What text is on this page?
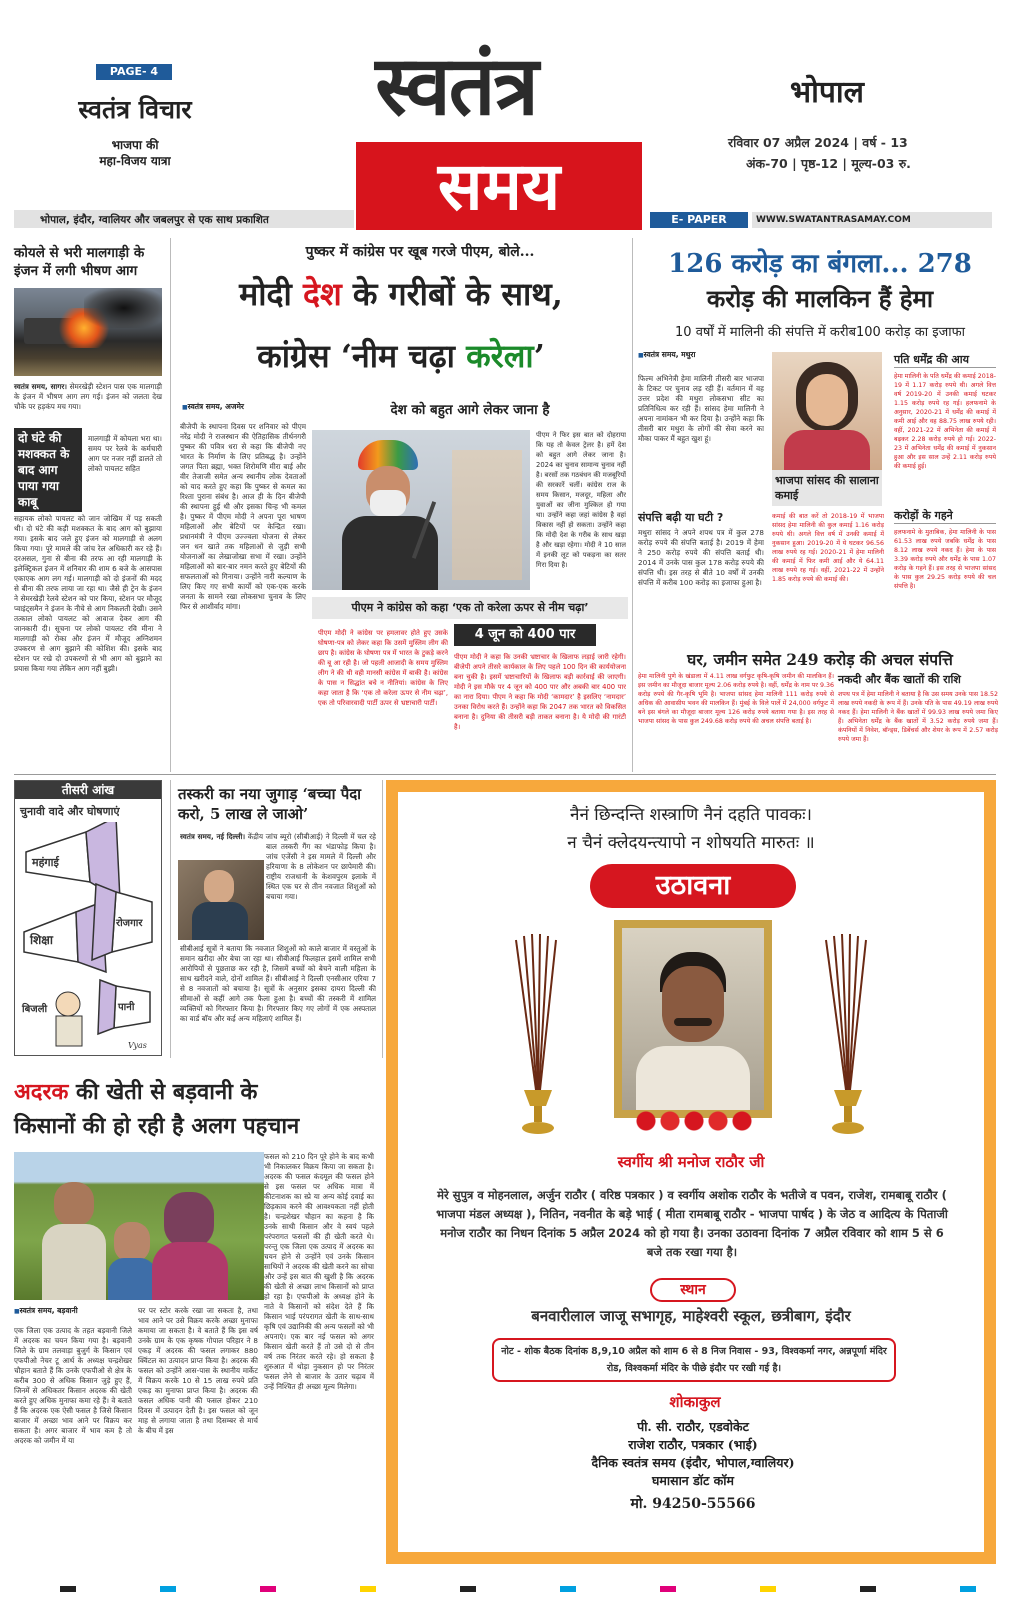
PAGE- 4
स्वतंत्र विचार
भाजपा की
महा-विजय यात्रा
स्वतंत्र
समय
भोपाल
रविवार 07 अप्रैल 2024 | वर्ष - 13
अंक-70 | पृष्ठ-12 | मूल्य-03 रु.
भोपाल, इंदौर, ग्वालियर और जबलपुर से एक साथ प्रकाशित	E- PAPER	WWW.SWATANTRASAMAY.COM
कोयले से भरी मालगाड़ी के इंजन में लगी भीषण आग
स्वतंत्र समय, सागर। सेमरखेड़ी स्टेशन पास एक मालगाड़ी के इंजन में भीषण आग लग गई। इंजन को जलता देख चौके पर हड़कंप मच गया।
दो घंटे की मशक्कत के बाद आग पाया गया काबू
मालगाड़ी में कोयला भरा था। समय पर रेलवे के कर्मचारी आग पर नजर नहीं डालते तो लोको पायलट सहित
सहायक लोको पायलट को जान जोखिम में पड़ सकती थी। दो घंटे की कड़ी मशक्कत के बाद आग को बुझाया गया। इसके बाद जले हुए इंजन को मालगाड़ी से अलग किया गया। पूरे मामले की जांच रेल अधिकारी कर रहे हैं। दरअसल, गुना से बीना की तरफ आ रही मालगाड़ी के इलेक्ट्रिकल इंजन में शनिवार की शाम 6 बजे के आसपास एकाएक आग लग गई। मालगाड़ी को दो इंजनों की मदद से बीना की तरफ लाया जा रहा था। जैसे ही ट्रेन के इंजन ने सेमरखेड़ी रेलवे स्टेशन को पार किया, स्टेशन पर मौजूद प्वाइंट्समैन ने इंजन के नीचे से आग निकलती देखी। उसने तत्काल लोको पायलट को आवाज देकर आग की जानकारी दी। सूचना पर लोको पायलट रवि मीना ने मालगाड़ी को रोका और इंजन में मौजूद अग्निशमन उपकरण से आग बुझाने की कोशिश की। इसके बाद स्टेशन पर रखे दो उपकरणों से भी आग को बुझाने का प्रयास किया गया लेकिन आग नहीं बुझी।
पुष्कर में कांग्रेस पर खूब गरजे पीएम, बोले...
मोदी देश के गरीबों के साथ,
कांग्रेस ‘नीम चढ़ा करेला’
■ स्वतंत्र समय, अजमेर	देश को बहुत आगे लेकर जाना है
बीजेपी के स्थापना दिवस पर शनिवार को पीएम नरेंद्र मोदी ने राजस्थान की ऐतिहासिक तीर्थनगरी पुष्कर की पवित्र धरा से कहा कि बीजेपी नए भारत के निर्माण के लिए प्रतिबद्ध है। उन्होंने जगत पिता ब्रह्मा, भक्त शिरोमणि मीरा बाई और वीर तेजाजी समेत अन्य स्थानीय लोक देवताओं को याद करते हुए कहा कि पुष्कर से कमल का रिश्ता पुराना संबंध है। आज ही के दिन बीजेपी की स्थापना हुई थी और इसका चिन्ह भी कमल है। पुष्कर में पीएम मोदी ने अपना पूरा भाषण महिलाओं और बेटियों पर केन्द्रित रखा। प्रधानमंत्री ने पीएम उज्ज्वला योजना से लेकर जन धन खाते तक महिलाओं से जुड़ी सभी योजनाओं का लेखाजोखा सभा में रखा। उन्होंने महिलाओं को बार-बार नमन करते हुए बेटियों की सफलताओं को गिनाया। उन्होंने नारी कल्याण के लिए किए गए सभी कार्यों को एक-एक करके जनता के सामने रखा लोकसभा चुनाव के लिए फिर से आशीर्वाद मांगा।
पीएम ने फिर इस बात को दोहराया कि यह तो केवल ट्रेलर है। हमें देश को बहुत आगे लेकर जाना है। 2024 का चुनाव सामान्य चुनाव नहीं है। बरसों तक गठबंधन की मजबूरियों की सरकारें चलीं। कांग्रेस राज के समय किसान, मजदूर, महिला और युवाओं का जीना मुश्किल हो गया था। उन्होंने कहा जहां कांग्रेस है वहां विकास नहीं हो सकता। उन्होंने कहा कि मोदी देश के गरीब के साथ खड़ा है और खड़ा रहेगा। मोदी ने 10 साल में इनकी लूट को पकड़ना का सतर गिरा दिया है।
पीएम ने कांग्रेस को कहा ‘एक तो करेला ऊपर से नीम चढ़ा’
पीएम मोदी ने कांग्रेस पर हमलावर होते हुए उसके घोषणा-पत्र को लेकर कहा कि उसमें मुस्लिम लीग की छाप है। कांग्रेस के घोषणा पत्र में भारत के टुकड़े करने की बू आ रही है। जो पहली आजादी के समय मुस्लिम लीग ने की थी वही मानसी कांग्रेस में बाकी है। कांग्रेस के पास न सिद्धांत बचे न नीतियां। कांग्रेस के लिए कहा जाता है कि ‘एक तो करेला ऊपर से नीम चढ़ा’, एक तो परिवारवादी पार्टी ऊपर से भ्रष्टाचारी पार्टी।
4 जून को 400 पार
पीएम मोदी ने कहा कि उनकी भ्रष्टाचार के खिलाफ लड़ाई जारी रहेगी। बीजेपी अपने तीसरे कार्यकाल के लिए पहले 100 दिन की कार्ययोजना बना चुकी है। इसमें भ्रष्टाचारियों के खिलाफ बड़ी कार्रवाई की जाएगी। मोदी ने इस मौके पर 4 जून को 400 पार और अबकी बार 400 पार का नारा दिया। पीएम ने कहा कि मोदी ‘कामदार’ है इसलिए ‘नामदार’ उनका विरोध करते हैं। उन्होंने कहा कि 2047 तक भारत को विकसित बनाना है। दुनिया की तीसरी बड़ी ताकत बनाना है। ये मोदी की गारंटी है।
126 करोड़ का बंगला... 278
करोड़ की मालकिन हैं हेमा
10 वर्षों में मालिनी की संपत्ति में करीब100 करोड़ का इजाफा
■ स्वतंत्र समय, मथुरा
फिल्म अभिनेत्री हेमा मालिनी तीसरी बार भाजपा के टिकट पर चुनाव लड़ रही हैं। वर्तमान में वह उत्तर प्रदेश की मथुरा लोकसभा सीट का प्रतिनिधित्व कर रही हैं। सांसद हेमा मालिनी ने अपना नामांकन भी कर दिया है। उन्होंने कहा कि तीसरी बार मथुरा के लोगों की सेवा करने का मौका पाकर मैं बहुत खुश हूं।
संपत्ति बढ़ी या घटी ?
मथुरा सांसद ने अपने शपथ पत्र में कुल 278 करोड़ रुपये की संपत्ति बताई है। 2019 में हेमा ने 250 करोड़ रुपये की संपत्ति बताई थी। 2014 में उनके पास कुल 178 करोड़ रुपये की संपत्ति थी। इस तरह से बीते 10 वर्षों में उनकी संपत्ति में करीब 100 करोड़ का इजाफा हुआ है।
भाजपा सांसद की सालाना कमाई
कमाई की बात करें तो 2018-19 में भाजपा सांसद हेमा मालिनी की कुल कमाई 1.16 करोड़ रुपये थी। अगले वित्त वर्ष में उनकी कमाई में नुकसान हुआ। 2019-20 में ये घटकर 96.56 लाख रुपये रह गई। 2020-21 में हेमा मालिनी की कमाई में फिर कमी आई और ये 64.11 लाख रुपये रह गई। वहीं, 2021-22 में उन्होंने 1.85 करोड़ रुपये की कमाई की।
पति धर्मेंद्र की आय
हेमा मालिनी के पति धर्मेंद्र की कमाई 2018-19 में 1.17 करोड़ रुपये थी। अगले वित्त वर्ष 2019-20 में उनकी कमाई घटकर 1.15 करोड़ रुपये रह गई। हलफनामे के अनुसार, 2020-21 में धर्मेंद्र की कमाई में कमी आई और वह 88.75 लाख रुपये रही। वहीं, 2021-22 में अभिनेता की कमाई में बढ़कर 2.28 करोड़ रुपये हो गई। 2022-23 में अभिनेता धर्मेंद्र की कमाई में नुकसान हुआ और इस साल उन्हें 2.11 करोड़ रुपये की कमाई हुई।
करोड़ों के गहने
हलफनामे के मुताबिक, हेमा मालिनी के पास 61.53 लाख रुपये जबकि धर्मेंद्र के पास 8.12 लाख रुपये नकद हैं। हेमा के पास 3.39 करोड़ रुपये और धर्मेंद्र के पास 1.07 करोड़ के गहने हैं। इस तरह से भाजपा सांसद के पास कुल 29.25 करोड़ रुपये की चल संपत्ति है।
घर, जमीन समेत 249 करोड़ की अचल संपत्ति
हेमा मालिनी पुणे के खंडाला में 4.11 लाख वर्गफुट कृषि-कृषि जमीन की मालकिन हैं। इस जमीन का मौजूदा बाजार मूल्य 2.06 करोड़ रुपये है। वहीं, धर्मेंद्र के नाम पर 9.36 करोड़ रुपये की गैर-कृषि भूमि है। भाजपा सांसद हेमा मालिनी 111 करोड़ रुपये से अधिक की आवासीय भवन की मालकिन हैं। मुंबई के विले पार्ले में 24,000 वर्गफुट में बने इस बंगले का मौजूदा बाजार मूल्य 126 करोड़ रुपये बताया गया है। इस तरह से भाजपा सांसद के पास कुल 249.68 करोड़ रुपये की अचल संपत्ति बताई है।
नकदी और बैंक खातों की राशि
शपथ पत्र में हेमा मालिनी ने बताया है कि उस समय उनके पास 18.52 लाख रुपये नकदी के रूप में हैं। उनके पति के पास 49.19 लाख रुपये नकद हैं। हेमा मालिनी ने बैंक खातों में 99.93 लाख रुपये जमा किए हैं। अभिनेता धर्मेंद्र के बैंक खातों में 3.52 करोड़ रुपये जमा हैं। कंपनियों में निवेश, बॉन्ड्स, डिबेंचर्स और शेयर के रूप में 2.57 करोड़ रुपये जमा हैं।
तीसरी आंख
चुनावी वादे और घोषणाएं
महंगाई
शिक्षा
रोजगार
बिजली	पानी
Vyas
तस्करी का नया जुगाड़ ‘बच्चा पैदा करो, 5 लाख ले जाओ’
स्वतंत्र समय, नई दिल्ली। केंद्रीय जांच ब्यूरो (सीबीआई) ने दिल्ली में चल रहे बाल तस्करी गैंग का भंडाफोड़ किया है। जांच एजेंसी ने इस मामले में दिल्ली और हरियाणा के 8 लोकेशन पर छापेमारी की। राष्ट्रीय राजधानी के केशवपुरम इलाके में स्थित एक घर से तीन नवजात शिशुओं को बचाया गया।
सीबीआई सूत्रों ने बताया कि नवजात शिशुओं को काले बाजार में वस्तुओं के समान खरीदा और बेचा जा रहा था। सीबीआई फिलहाल इसमें शामिल सभी आरोपियों से पूछताछ कर रही है, जिसमें बच्चों को बेचने वाली महिला के साथ खरीदने वाले, दोनों शामिल हैं। सीबीआई ने दिल्ली एनसीआर एरिया 7 से 8 नवजातों को बचाया है। सूत्रों के अनुसार इसका दायरा दिल्ली की सीमाओं से कहीं आगे तक फैला हुआ है। बच्चों की तस्करी में शामिल व्यक्तियों को गिरफ्तार किया है। गिरफ्तार किए गए लोगों में एक अस्पताल का वार्ड बॉय और कई अन्य महिलाएं शामिल हैं।
अदरक की खेती से बड़वानी के
किसानों की हो रही है अलग पहचान
■ स्वतंत्र समय, बड़वानी
एक जिला एक उत्पाद के तहत बड़वानी जिले में अदरक का चयन किया गया है। बड़वानी जिले के ग्राम तलवाड़ा बुजुर्ग के किसान एवं एफपीओ नेचर टू आर्थ के अध्यक्ष चन्द्रशेखर चौहान बताते हैं कि उनके एफपीओ से क्षेत्र के करीब 300 से अधिक किसान जुड़े हुए हैं, जिनमें से अधिकतर किसान अदरक की खेती करते हुए अधिक मुनाफा कमा रहे हैं। वे बताते हैं कि अदरक एक ऐसी फसल है जिसे किसान बाजार में अच्छा भाव आने पर विक्रय कर सकता है। अगर बाजार में भाव कम है तो अदरक को जमीन में या
घर पर स्टोर करके रखा जा सकता है, तथा भाव आने पर उसे विक्रय करके अच्छा मुनाफा कमाया जा सकता है। वे बताते हैं कि इस वर्ष उनके ग्राम के एक कृषक गोपाल परिहार ने 8 एकड़ में अदरक की फसल लगाकर 880 क्विंटल का उत्पादन प्राप्त किया है। अदरक की फसल को उन्होंने आस-पास के स्थानीय मार्केट में विक्रय करके 10 से 15 लाख रुपये प्रति एकड़ का मुनाफा प्राप्त किया है। अदरक की फसल अधिक पानी की फसल होकर 210 दिवस में उत्पादन देती है। इस फसल को जून माह से लगाया जाता है तथा दिसम्बर से मार्च के बीच में इस
फसल को 210 दिन पूरे होने के बाद कभी भी निकालकर विक्रय किया जा सकता है। अदरक की फसल कंदमूल की फसल होने से इस फसल पर अधिक मात्रा में कीटनाशक का स्प्रे या अन्य कोई दवाई का छिड़काव करने की आवश्यकता नहीं होती है। चन्द्रशेखर चौहान का कहना है कि उनके साथी किसान और वे स्वयं पहले परंपरागत फसलों की ही खेती करते थे। परन्तु एक जिला एक उत्पाद में अदरक का चयन होने से उन्होंने एवं उनके किसान साथियों ने अदरक की खेती करने का सोचा और उन्हें इस बात की खुशी है कि अदरक की खेती से अच्छा लाभ किसानों को प्राप्त हो रहा है। एफपीओ के अध्यक्ष होने के नाते वे किसानों को संदेश देते हैं कि किसान भाई परंपरागत खेती के साथ-साथ कृषि एवं उद्यानिकी की अन्य फसलों को भी अपनाएं। एक बार नई फसल को अगर किसान खेती करते हैं तो उसे दो से तीन वर्ष तक निरंतर करते रहे। हो सकता है शुरुआत में थोड़ा नुकसान हो पर निरंतर फसल लेने से बाजार के उतार चढ़ाव में उन्हें निश्चित ही अच्छा मूल्य मिलेगा।
नैनं छिन्दन्ति शस्त्राणि नैनं दहति पावकः।
न चैनं क्लेदयन्त्यापो न शोषयति मारुतः ॥
उठावना
स्वर्गीय श्री मनोज राठौर जी
मेरे सुपुत्र व मोहनलाल, अर्जुन राठौर ( वरिष्ठ पत्रकार ) व स्वर्गीय अशोक राठौर के भतीजे व पवन, राजेश, रामबाबू राठौर ( भाजपा मंडल अध्यक्ष ), नितिन, नवनीत के बड़े भाई ( मीता रामबाबू राठौर - भाजपा पार्षद ) के जेठ व आदित्य के पिताजी मनोज राठौर का निधन दिनांक 5 अप्रैल 2024 को हो गया है। उनका उठावना दिनांक 7 अप्रैल रविवार को शाम 5 से 6 बजे तक रखा गया है।
स्थान
बनवारीलाल जाजू सभागृह, माहेश्वरी स्कूल, छत्रीबाग, इंदौर
नोट - शोक बैठक दिनांक 8,9,10 अप्रैल को शाम 6 से 8 निज निवास - 93, विश्वकर्मा नगर, अन्नपूर्णा मंदिर रोड, विश्वकर्मा मंदिर के पीछे इंदौर पर रखी गई है।
शोकाकुल
पी. सी. राठौर, एडवोकेट
राजेश राठौर, पत्रकार (भाई)
दैनिक स्वतंत्र समय (इंदौर, भोपाल,ग्वालियर)
घमासान डॉट कॉम
मो. 94250-55566
